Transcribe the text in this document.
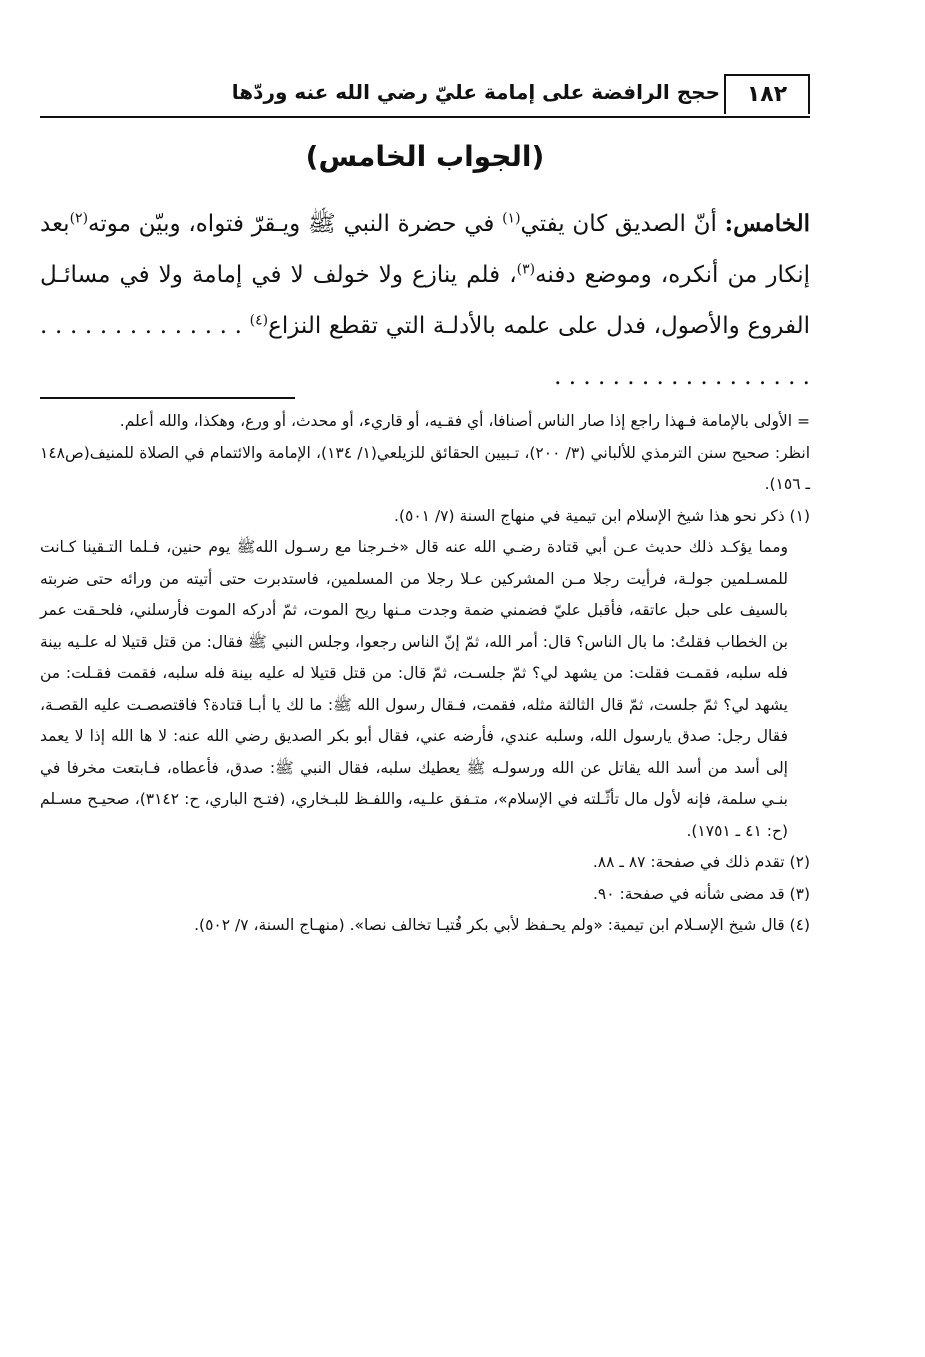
حجج الرافضة على إمامة عليّ رضي الله عنه وردّها	١٨٢
(الجواب الخامس)
الخامس: أنّ الصديق كان يفتي$^{(١)}$ في حضرة النبي ﷺ ويـقرّ فتواه، وبيّن موته$^{(٢)}$بعد إنكار من أنكره، وموضع دفنه$^{(٣)}$، فلم ينازع ولا خولف لا في إمامة ولا في مسائـل الفروع والأصول، فدل على علمه بالأدلـة التي تقطع النزاع$^{(٤)}$ . . . . . . . . . . . . . . . . . . . . . . . . . . . . . . . .

= الأولى بالإمامة فـهذا راجع إذا صار الناس أصنافا، أي فقـيه، أو قاريء، أو محدث، أو ورع، وهكذا، والله أعلم.

انظر: صحيح سنن الترمذي للألباني (٣/ ٢٠٠)، تـبيين الحقائق للزيلعي(١/ ١٣٤)، الإمامة والائتمام في الصلاة للمنيف(ص١٤٨ ـ ١٥٦).

(١) ذكر نحو هذا شيخ الإسلام ابن تيمية في منهاج السنة (٧/ ٥٠١).

ومما يؤكـد ذلك حديث عـن أبي قتادة رضـي الله عنه قال «خـرجنا مع رسـول اللهﷺ يوم حنين، فـلما التـقينا كـانت للمسـلمين جولـة، فرأيت رجلا مـن المشركين عـلا رجلا من المسلمين، فاستدبرت حتى أتيته من ورائه حتى ضربته بالسيف على حبل عاتقه، فأقبل عليّ فضمني ضمة وجدت مـنها ريح الموت، ثمّ أدركه الموت فأرسلني، فلحـقت عمر بن الخطاب فقلتُ: ما بال الناس؟ قال: أمر الله، ثمّ إنّ الناس رجعوا، وجلس النبي ﷺ فقال: من قتل قتيلا له علـيه بينة فله سلبه، فقمـت فقلت: من يشهد لي؟ ثمّ جلسـت، ثمّ قال: من قتل قتيلا له عليه بينة فله سلبه، فقمت فقـلت: من يشهد لي؟ ثمّ جلست، ثمّ قال الثالثة مثله، فقمت، فـقال رسول الله ﷺ: ما لك يا أبـا قتادة؟ فاقتصصـت عليه القصـة، فقال رجل: صدق يارسول الله، وسلبه عندي، فأرضه عني، فقال أبو بكر الصديق رضي الله عنه: لا ها الله إذا لا يعمد إلى أسد من أسد الله يقاتل عن الله ورسولـه ﷺ يعطيك سلبه، فقال النبي ﷺ: صدق، فأعطاه، فـابتعت مخرفا في بنـي سلمة، فإنه لأول مال تأثّـلته في الإسلام»، متـفق علـيه، واللفـظ للبـخاري، (فتـح الباري، ح: ٣١٤٢)، صحيـح مسـلم (ح: ٤١ ـ ١٧٥١).

(٢) تقدم ذلك في صفحة: ٨٧ ـ ٨٨.

(٣) قد مضى شأنه في صفحة: ٩٠.

(٤) قال شيخ الإسـلام ابن تيمية: «ولم يحـفظ لأبي بكر فُتيـا تخالف نصا». (منهـاج السنة، ٧/ ٥٠٢).
